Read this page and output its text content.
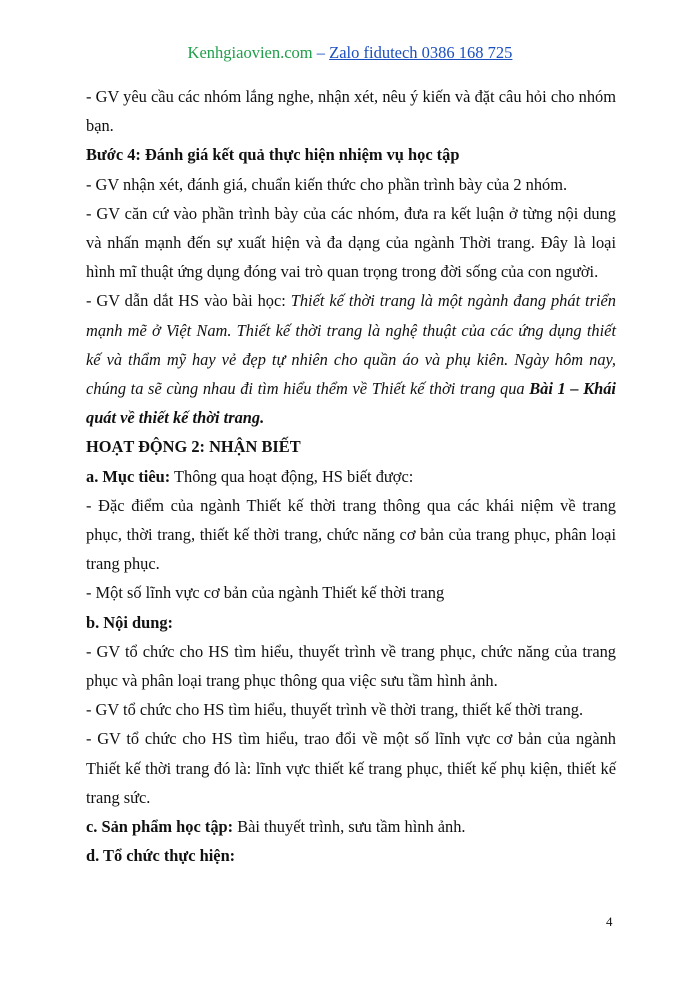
Kenhgiaovien.com – Zalo fidutech 0386 168 725

- GV yêu cầu các nhóm lắng nghe, nhận xét, nêu ý kiến và đặt câu hỏi cho nhóm bạn.

Bước 4: Đánh giá kết quả thực hiện nhiệm vụ học tập

- GV nhận xét, đánh giá, chuẩn kiến thức cho phần trình bày của 2 nhóm.

- GV căn cứ vào phần trình bày của các nhóm, đưa ra kết luận ở từng nội dung và nhấn mạnh đến sự xuất hiện và đa dạng của ngành Thời trang. Đây là loại hình mĩ thuật ứng dụng đóng vai trò quan trọng trong đời sống của con người.

- GV dẫn dắt HS vào bài học: Thiết kế thời trang là một ngành đang phát triển mạnh mẽ ở Việt Nam. Thiết kế thời trang là nghệ thuật của các ứng dụng thiết kế và thẩm mỹ hay vẻ đẹp tự nhiên cho quần áo và phụ kiên. Ngày hôm nay, chúng ta sẽ cùng nhau đi tìm hiểu thểm về Thiết kế thời trang qua Bài 1 – Khái quát về thiết kế thời trang.

HOẠT ĐỘNG 2: NHẬN BIẾT

a. Mục tiêu: Thông qua hoạt động, HS biết được:

- Đặc điểm của ngành Thiết kế thời trang thông qua các khái niệm về trang phục, thời trang, thiết kế thời trang, chức năng cơ bản của trang phục, phân loại trang phục.

- Một số lĩnh vực cơ bản của ngành Thiết kế thời trang

b. Nội dung:

- GV tổ chức cho HS tìm hiểu, thuyết trình về trang phục, chức năng của trang phục và phân loại trang phục thông qua việc sưu tầm hình ảnh.

- GV tổ chức cho HS tìm hiểu, thuyết trình về thời trang, thiết kế thời trang.

- GV tổ chức cho HS tìm hiểu, trao đổi về một số lĩnh vực cơ bản của ngành Thiết kế thời trang đó là: lĩnh vực thiết kế trang phục, thiết kế phụ kiện, thiết kế trang sức.

c. Sản phẩm học tập: Bài thuyết trình, sưu tầm hình ảnh.

d. Tổ chức thực hiện:

4
